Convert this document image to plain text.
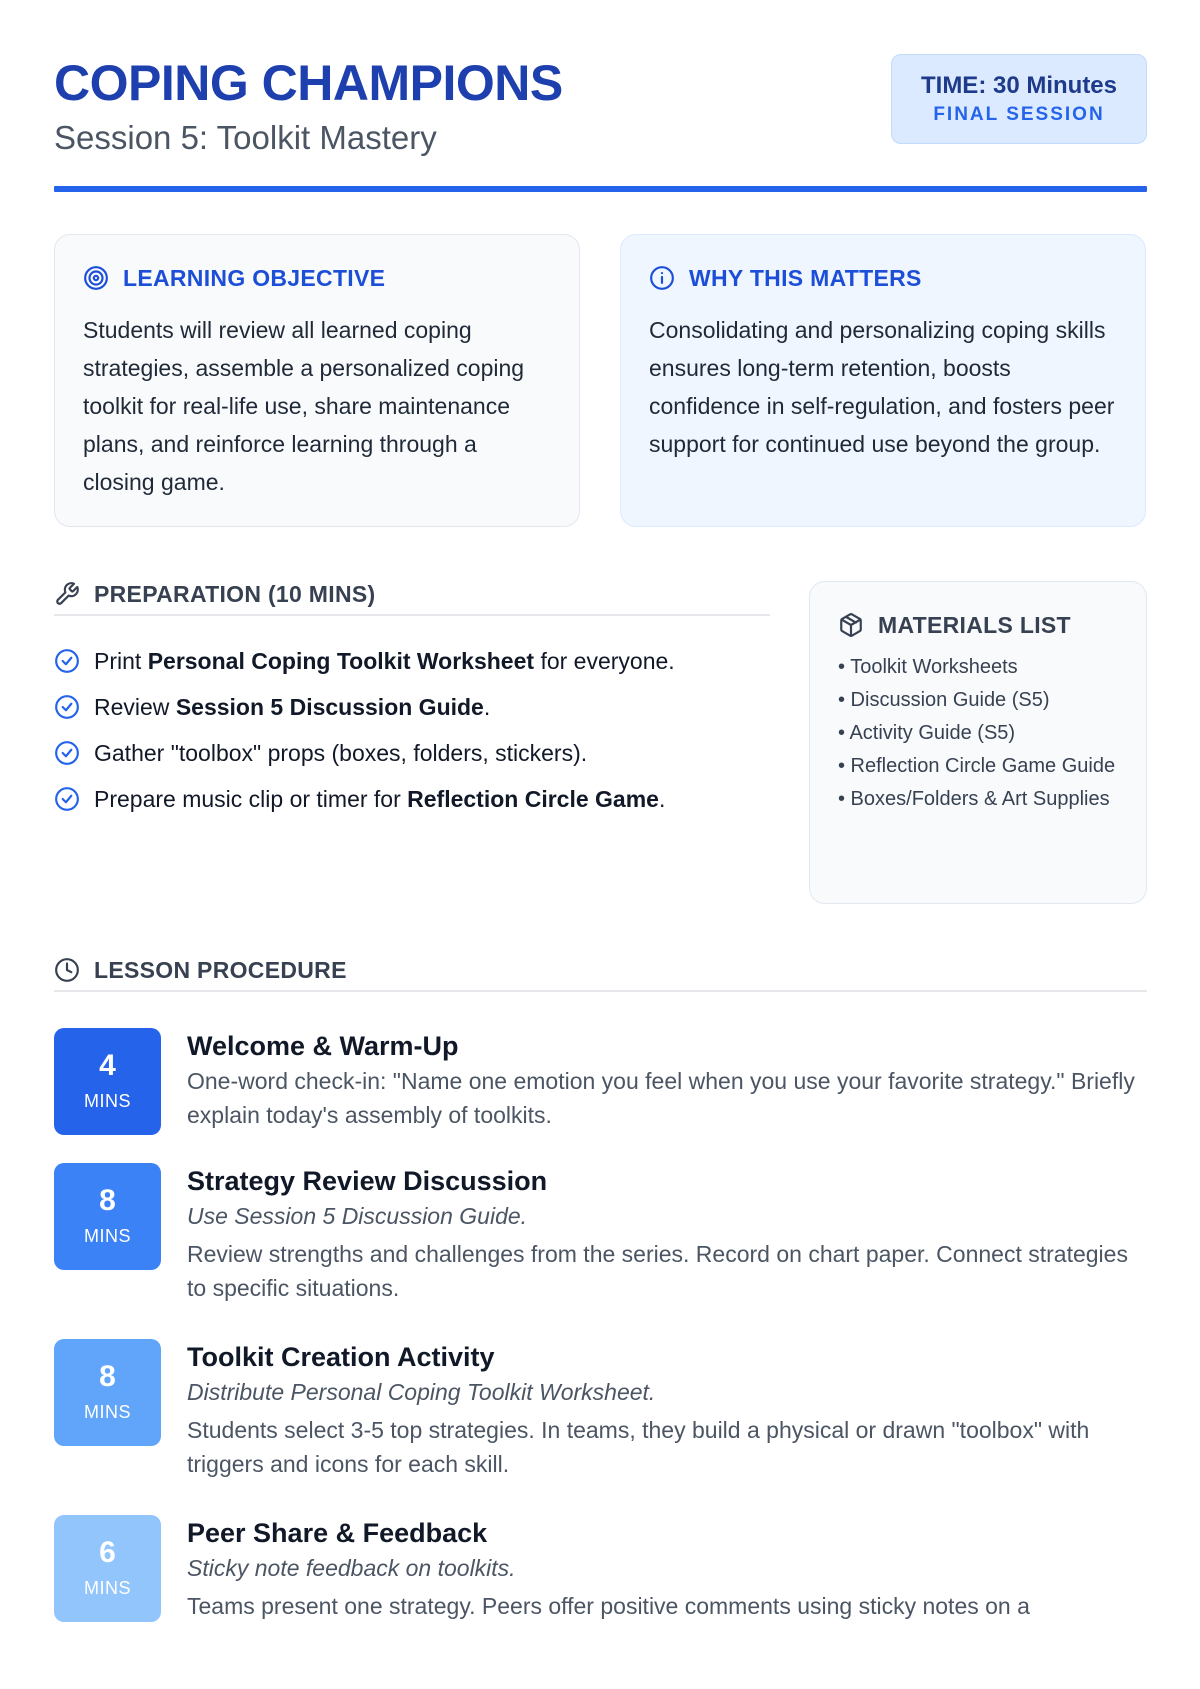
COPING CHAMPIONS
Session 5: Toolkit Mastery
TIME: 30 Minutes
FINAL SESSION
LEARNING OBJECTIVE

Students will review all learned coping strategies, assemble a personalized coping toolkit for real-life use, share maintenance plans, and reinforce learning through a closing game.

WHY THIS MATTERS

Consolidating and personalizing coping skills ensures long-term retention, boosts confidence in self-regulation, and fosters peer support for continued use beyond the group.

PREPARATION (10 MINS)
Print Personal Coping Toolkit Worksheet for everyone.
Review Session 5 Discussion Guide.
Gather "toolbox" props (boxes, folders, stickers).
Prepare music clip or timer for Reflection Circle Game.
MATERIALS LIST
• Toolkit Worksheets
• Discussion Guide (S5)
• Activity Guide (S5)
• Reflection Circle Game Guide
• Boxes/Folders & Art Supplies
LESSON PROCEDURE
4
MINS
Welcome & Warm-Up
One-word check-in: "Name one emotion you feel when you use your favorite strategy." Briefly explain today's assembly of toolkits.
8
MINS
Strategy Review Discussion
Use Session 5 Discussion Guide.
Review strengths and challenges from the series. Record on chart paper. Connect strategies to specific situations.
8
MINS
Toolkit Creation Activity
Distribute Personal Coping Toolkit Worksheet.
Students select 3-5 top strategies. In teams, they build a physical or drawn "toolbox" with triggers and icons for each skill.
6
MINS
Peer Share & Feedback
Sticky note feedback on toolkits.
Teams present one strategy. Peers offer positive comments using sticky notes on a
